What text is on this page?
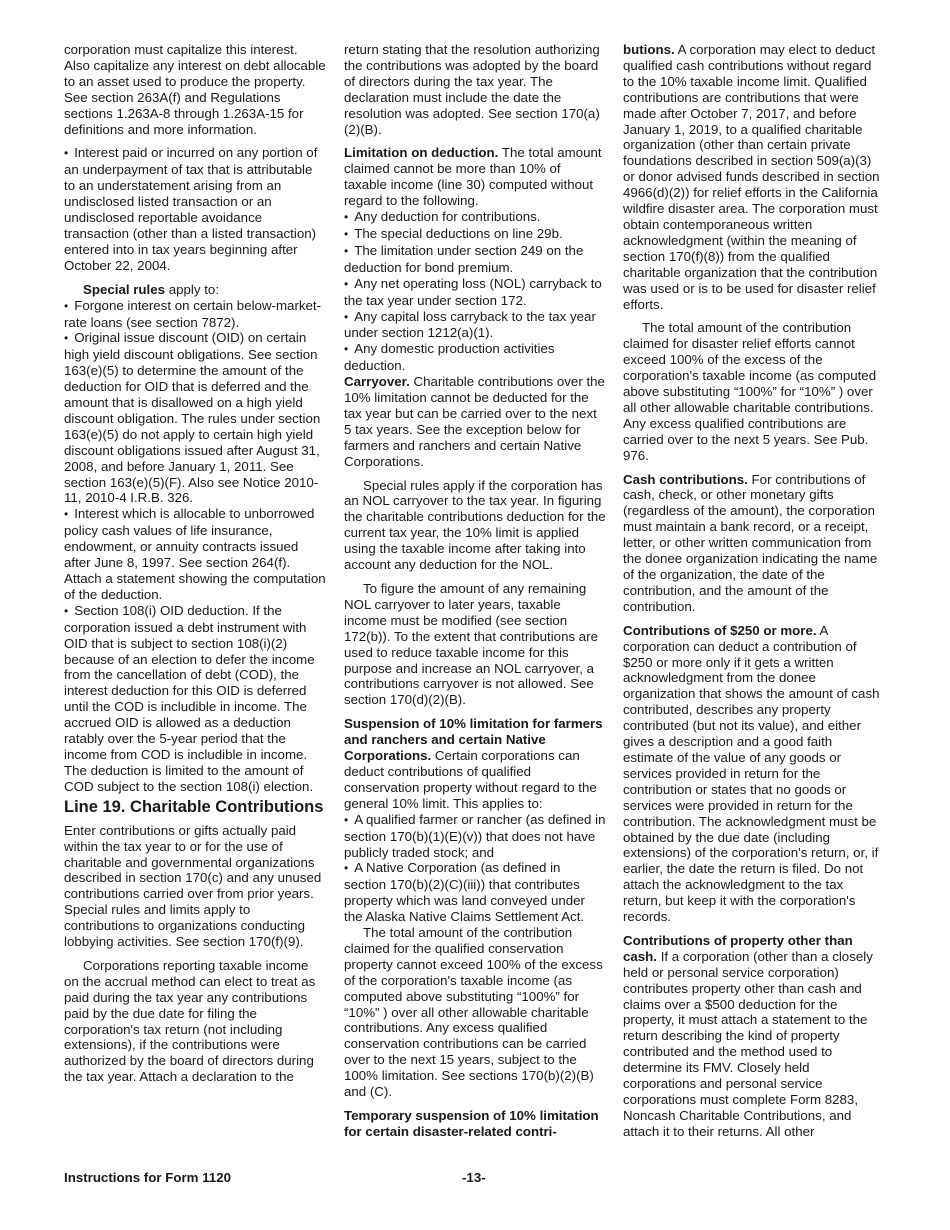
corporation must capitalize this interest. Also capitalize any interest on debt allocable to an asset used to produce the property. See section 263A(f) and Regulations sections 1.263A-8 through 1.263A-15 for definitions and more information.

• Interest paid or incurred on any portion of an underpayment of tax that is attributable to an understatement arising from an undisclosed listed transaction or an undisclosed reportable avoidance transaction (other than a listed transaction) entered into in tax years beginning after October 22, 2004.

Special rules apply to:

• Forgone interest on certain below-market-rate loans (see section 7872).

• Original issue discount (OID) on certain high yield discount obligations. See section 163(e)(5) to determine the amount of the deduction for OID that is deferred and the amount that is disallowed on a high yield discount obligation. The rules under section 163(e)(5) do not apply to certain high yield discount obligations issued after August 31, 2008, and before January 1, 2011. See section 163(e)(5)(F). Also see Notice 2010-11, 2010-4 I.R.B. 326.

• Interest which is allocable to unborrowed policy cash values of life insurance, endowment, or annuity contracts issued after June 8, 1997. See section 264(f). Attach a statement showing the computation of the deduction.

• Section 108(i) OID deduction. If the corporation issued a debt instrument with OID that is subject to section 108(i)(2) because of an election to defer the income from the cancellation of debt (COD), the interest deduction for this OID is deferred until the COD is includible in income. The accrued OID is allowed as a deduction ratably over the 5-year period that the income from COD is includible in income. The deduction is limited to the amount of COD subject to the section 108(i) election.

Line 19. Charitable Contributions

Enter contributions or gifts actually paid within the tax year to or for the use of charitable and governmental organizations described in section 170(c) and any unused contributions carried over from prior years. Special rules and limits apply to contributions to organizations conducting lobbying activities. See section 170(f)(9).

Corporations reporting taxable income on the accrual method can elect to treat as paid during the tax year any contributions paid by the due date for filing the corporation's tax return (not including extensions), if the contributions were authorized by the board of directors during the tax year. Attach a declaration to the

return stating that the resolution authorizing the contributions was adopted by the board of directors during the tax year. The declaration must include the date the resolution was adopted. See section 170(a)(2)(B).

Limitation on deduction. The total amount claimed cannot be more than 10% of taxable income (line 30) computed without regard to the following.

• Any deduction for contributions.

• The special deductions on line 29b.

• The limitation under section 249 on the deduction for bond premium.

• Any net operating loss (NOL) carryback to the tax year under section 172.

• Any capital loss carryback to the tax year under section 1212(a)(1).

• Any domestic production activities deduction.

Carryover. Charitable contributions over the 10% limitation cannot be deducted for the tax year but can be carried over to the next 5 tax years. See the exception below for farmers and ranchers and certain Native Corporations.

Special rules apply if the corporation has an NOL carryover to the tax year. In figuring the charitable contributions deduction for the current tax year, the 10% limit is applied using the taxable income after taking into account any deduction for the NOL.

To figure the amount of any remaining NOL carryover to later years, taxable income must be modified (see section 172(b)). To the extent that contributions are used to reduce taxable income for this purpose and increase an NOL carryover, a contributions carryover is not allowed. See section 170(d)(2)(B).

Suspension of 10% limitation for farmers and ranchers and certain Native Corporations. Certain corporations can deduct contributions of qualified conservation property without regard to the general 10% limit. This applies to:

• A qualified farmer or rancher (as defined in section 170(b)(1)(E)(v)) that does not have publicly traded stock; and

• A Native Corporation (as defined in section 170(b)(2)(C)(iii)) that contributes property which was land conveyed under the Alaska Native Claims Settlement Act.

The total amount of the contribution claimed for the qualified conservation property cannot exceed 100% of the excess of the corporation's taxable income (as computed above substituting “100%” for “10%” ) over all other allowable charitable contributions. Any excess qualified conservation contributions can be carried over to the next 15 years, subject to the 100% limitation. See sections 170(b)(2)(B) and (C).

Temporary suspension of 10% limitation for certain disaster-related contri-

butions. A corporation may elect to deduct qualified cash contributions without regard to the 10% taxable income limit. Qualified contributions are contributions that were made after October 7, 2017, and before January 1, 2019, to a qualified charitable organization (other than certain private foundations described in section 509(a)(3) or donor advised funds described in section 4966(d)(2)) for relief efforts in the California wildfire disaster area. The corporation must obtain contemporaneous written acknowledgment (within the meaning of section 170(f)(8)) from the qualified charitable organization that the contribution was used or is to be used for disaster relief efforts.

The total amount of the contribution claimed for disaster relief efforts cannot exceed 100% of the excess of the corporation's taxable income (as computed above substituting “100%” for “10%” ) over all other allowable charitable contributions. Any excess qualified contributions are carried over to the next 5 years. See Pub. 976.

Cash contributions. For contributions of cash, check, or other monetary gifts (regardless of the amount), the corporation must maintain a bank record, or a receipt, letter, or other written communication from the donee organization indicating the name of the organization, the date of the contribution, and the amount of the contribution.

Contributions of $250 or more. A corporation can deduct a contribution of $250 or more only if it gets a written acknowledgment from the donee organization that shows the amount of cash contributed, describes any property contributed (but not its value), and either gives a description and a good faith estimate of the value of any goods or services provided in return for the contribution or states that no goods or services were provided in return for the contribution. The acknowledgment must be obtained by the due date (including extensions) of the corporation's return, or, if earlier, the date the return is filed. Do not attach the acknowledgment to the tax return, but keep it with the corporation's records.

Contributions of property other than cash. If a corporation (other than a closely held or personal service corporation) contributes property other than cash and claims over a $500 deduction for the property, it must attach a statement to the return describing the kind of property contributed and the method used to determine its FMV. Closely held corporations and personal service corporations must complete Form 8283, Noncash Charitable Contributions, and attach it to their returns. All other

Instructions for Form 1120	-13-
